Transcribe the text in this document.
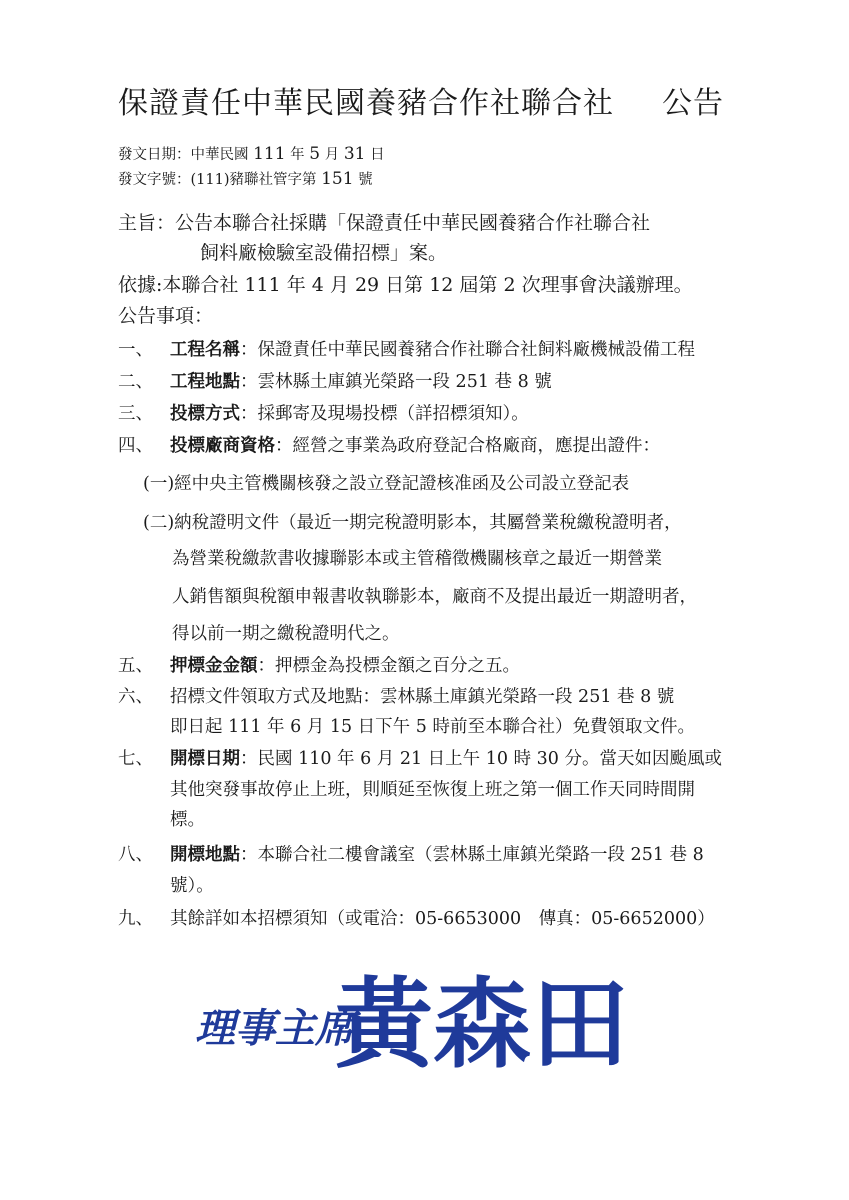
保證責任中華民國養豬合作社聯合社 公告
發文日期：中華民國 111 年 5 月 31 日
發文字號：(111)豬聯社管字第 151 號
主旨：公告本聯合社採購「保證責任中華民國養豬合作社聯合社
飼料廠檢驗室設備招標」案。
依據:本聯合社 111 年 4 月 29 日第 12 屆第 2 次理事會決議辦理。
公告事項：
一、 工程名稱：保證責任中華民國養豬合作社聯合社飼料廠機械設備工程
二、 工程地點：雲林縣土庫鎮光榮路一段 251 巷 8 號
三、 投標方式：採郵寄及現場投標（詳招標須知）。
四、 投標廠商資格：經營之事業為政府登記合格廠商，應提出證件：
(一)經中央主管機關核發之設立登記證核准函及公司設立登記表
(二)納稅證明文件（最近一期完稅證明影本，其屬營業稅繳稅證明者，
為營業稅繳款書收據聯影本或主管稽徵機關核章之最近一期營業
人銷售額與稅額申報書收執聯影本，廠商不及提出最近一期證明者，
得以前一期之繳稅證明代之。
五、 押標金金額：押標金為投標金額之百分之五。
六、 招標文件領取方式及地點：雲林縣土庫鎮光榮路一段 251 巷 8 號
即日起 111 年 6 月 15 日下午 5 時前至本聯合社）免費領取文件。
七、 開標日期：民國 110 年 6 月 21 日上午 10 時 30 分。當天如因颱風或
其他突發事故停止上班，則順延至恢復上班之第一個工作天同時間開
標。
八、 開標地點：本聯合社二樓會議室（雲林縣土庫鎮光榮路一段 251 巷 8
號）。
九、 其餘詳如本招標須知（或電洽：05-6653000　傳真：05-6652000）
理事主席
黃森田
